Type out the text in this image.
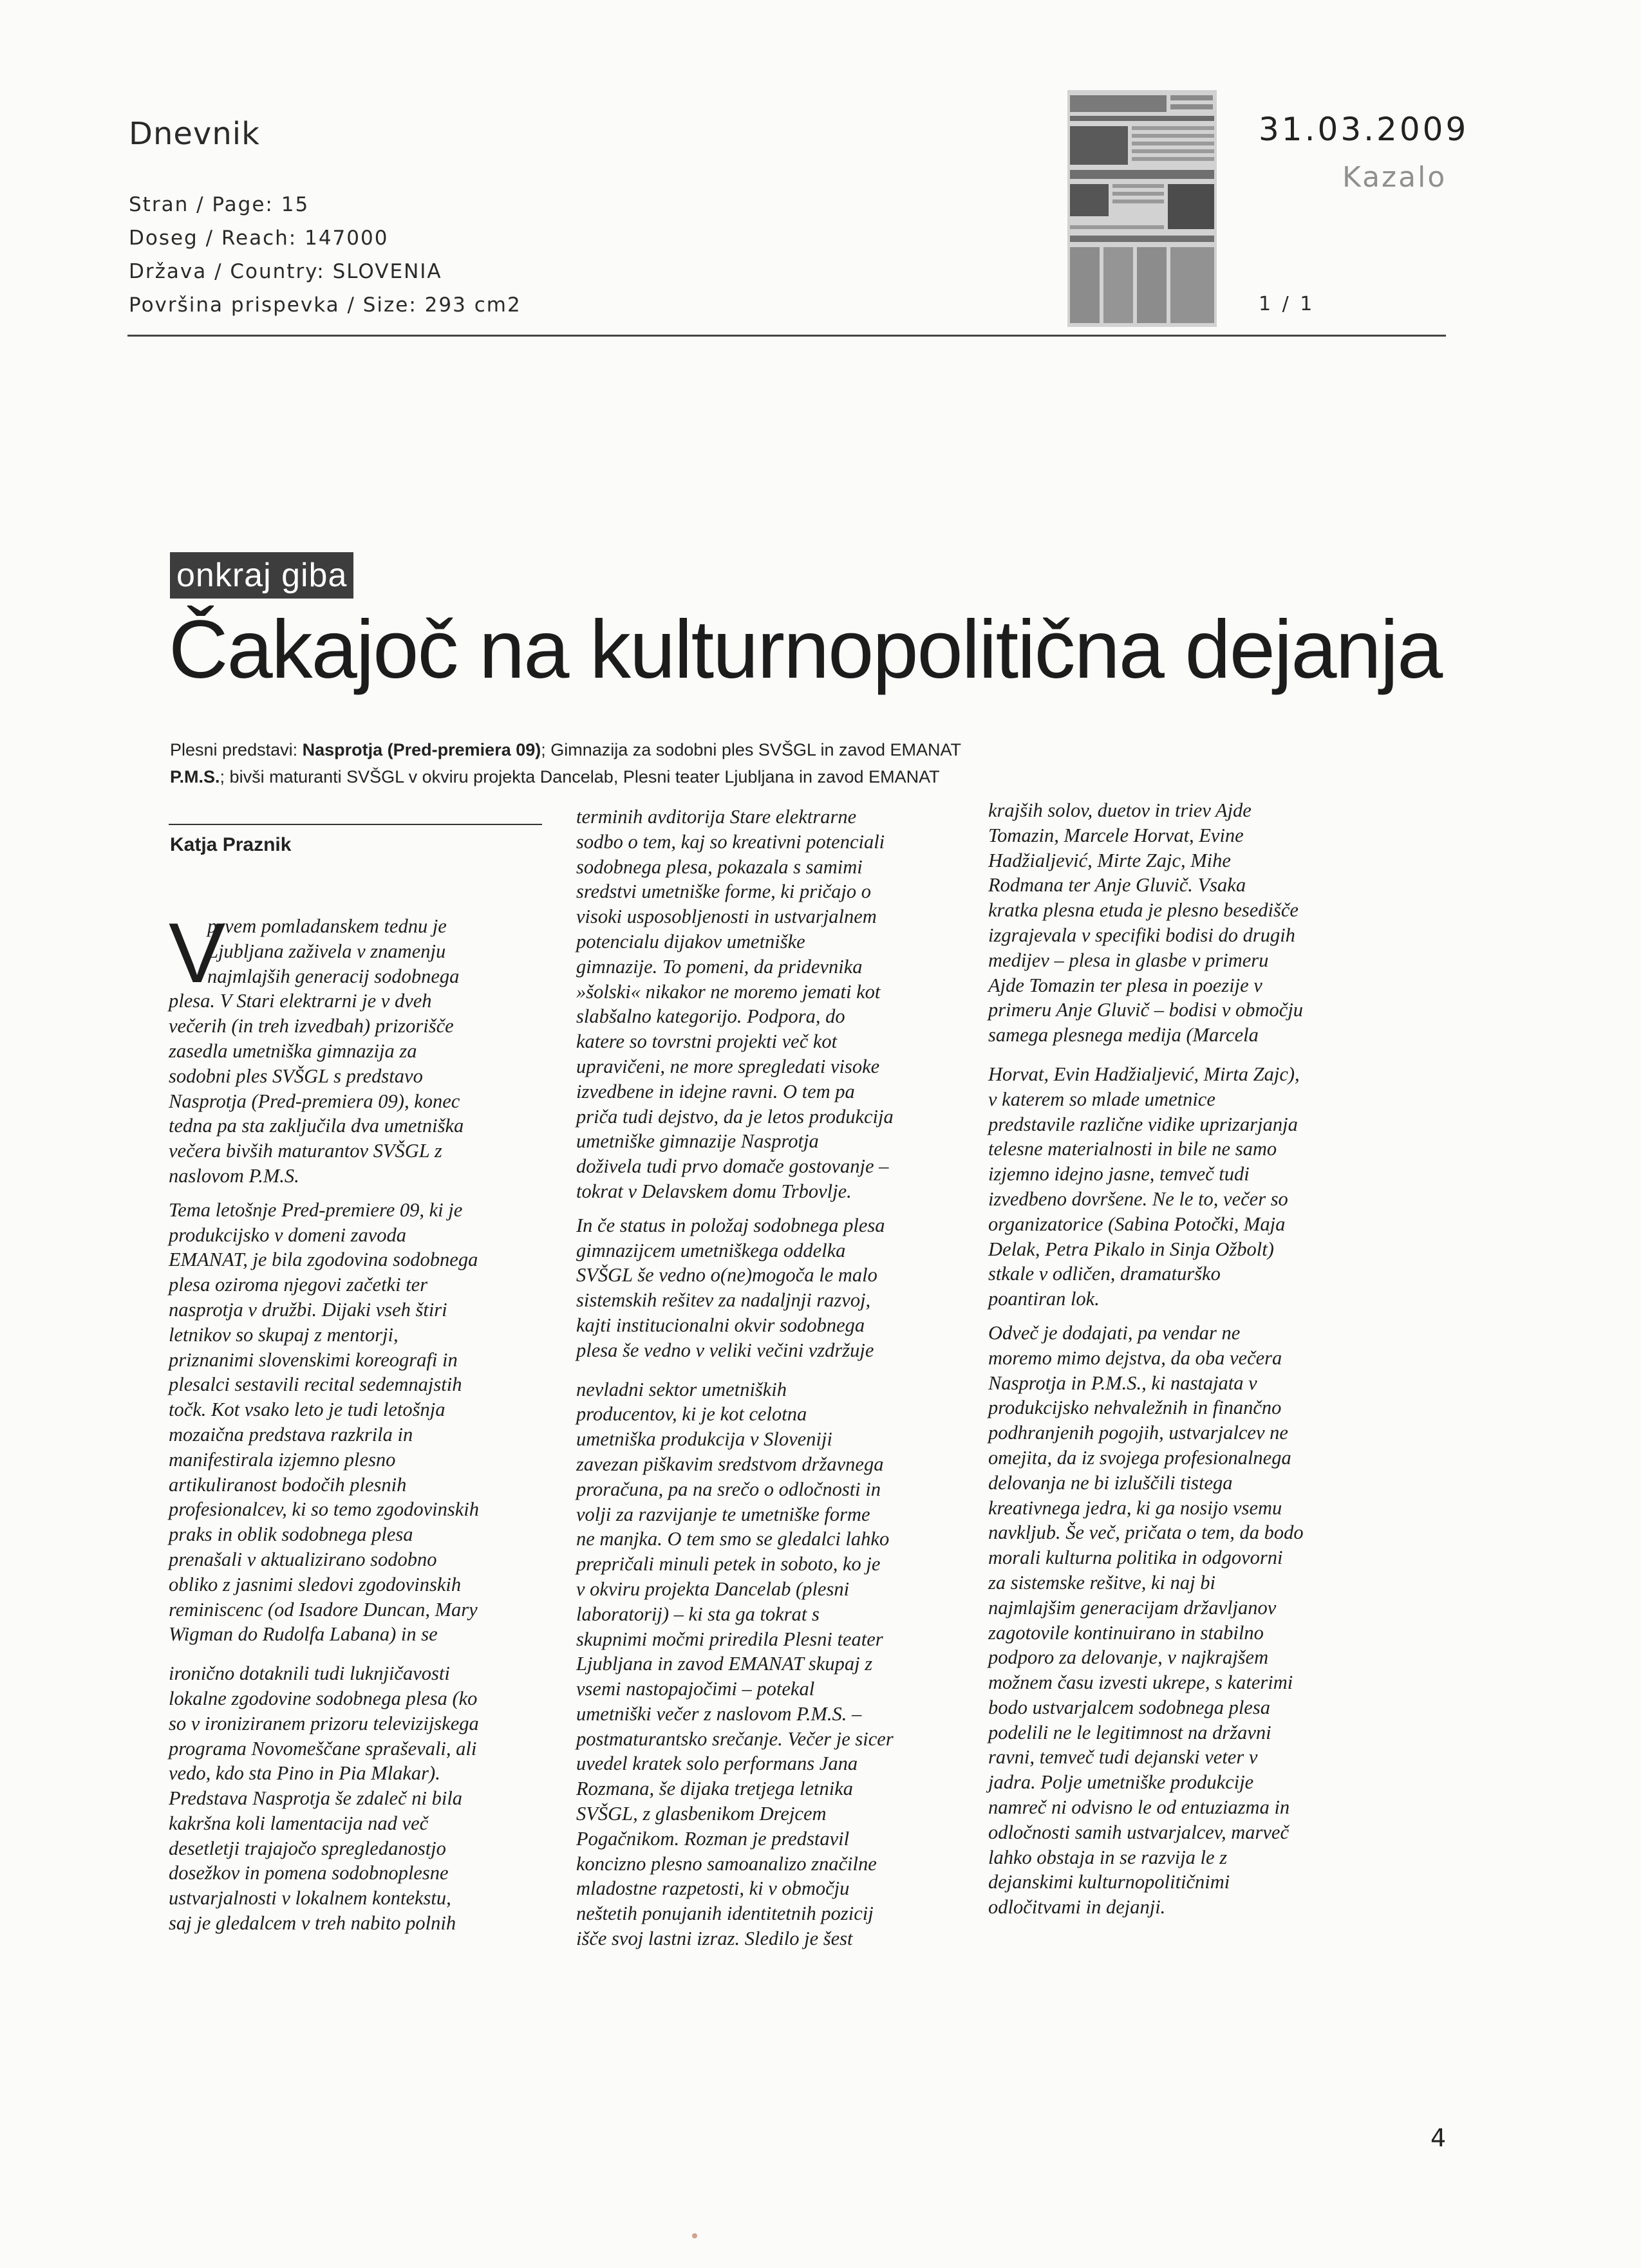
Dnevnik
Stran / Page: 15
Doseg / Reach: 147000
Država / Country: SLOVENIA
Površina prispevka / Size: 293 cm2
31.03.2009
Kazalo
1 / 1
onkraj giba
Čakajoč na kulturnopolitična dejanja
Plesni predstavi: Nasprotja (Pred-premiera 09); Gimnazija za sodobni ples SVŠGL in zavod EMANAT
P.M.S.; bivši maturanti SVŠGL v okviru projekta Dancelab, Plesni teater Ljubljana in zavod EMANAT
Katja Praznik
V

prvem pomladanskem tednu je

Ljubljana zaživela v znamenju

najmlajših generacij sodobnega

plesa. V Stari elektrarni je v dveh

večerih (in treh izvedbah) prizorišče

zasedla umetniška gimnazija za

sodobni ples SVŠGL s predstavo

Nasprotja (Pred-premiera 09), konec

tedna pa sta zaključila dva umetniška

večera bivših maturantov SVŠGL z

naslovom P.M.S.

Tema letošnje Pred-premiere 09, ki je

produkcijsko v domeni zavoda

EMANAT, je bila zgodovina sodobnega

plesa oziroma njegovi začetki ter

nasprotja v družbi. Dijaki vseh štiri

letnikov so skupaj z mentorji,

priznanimi slovenskimi koreografi in

plesalci sestavili recital sedemnajstih

točk. Kot vsako leto je tudi letošnja

mozaična predstava razkrila in

manifestirala izjemno plesno

artikuliranost bodočih plesnih

profesionalcev, ki so temo zgodovinskih

praks in oblik sodobnega plesa

prenašali v aktualizirano sodobno

obliko z jasnimi sledovi zgodovinskih

reminiscenc (od Isadore Duncan, Mary

Wigman do Rudolfa Labana) in se

ironično dotaknili tudi luknjičavosti

lokalne zgodovine sodobnega plesa (ko

so v ironiziranem prizoru televizijskega

programa Novomeščane spraševali, ali

vedo, kdo sta Pino in Pia Mlakar).

Predstava Nasprotja še zdaleč ni bila

kakršna koli lamentacija nad več

desetletji trajajočo spregledanostjo

dosežkov in pomena sodobnoplesne

ustvarjalnosti v lokalnem kontekstu,

saj je gledalcem v treh nabito polnih

terminih avditorija Stare elektrarne

sodbo o tem, kaj so kreativni potenciali

sodobnega plesa, pokazala s samimi

sredstvi umetniške forme, ki pričajo o

visoki usposobljenosti in ustvarjalnem

potencialu dijakov umetniške

gimnazije. To pomeni, da pridevnika

»šolski« nikakor ne moremo jemati kot

slabšalno kategorijo. Podpora, do

katere so tovrstni projekti več kot

upravičeni, ne more spregledati visoke

izvedbene in idejne ravni. O tem pa

priča tudi dejstvo, da je letos produkcija

umetniške gimnazije Nasprotja

doživela tudi prvo domače gostovanje –

tokrat v Delavskem domu Trbovlje.

In če status in položaj sodobnega plesa

gimnazijcem umetniškega oddelka

SVŠGL še vedno o(ne)mogoča le malo

sistemskih rešitev za nadaljnji razvoj,

kajti institucionalni okvir sodobnega

plesa še vedno v veliki večini vzdržuje

nevladni sektor umetniških

producentov, ki je kot celotna

umetniška produkcija v Sloveniji

zavezan piškavim sredstvom državnega

proračuna, pa na srečo o odločnosti in

volji za razvijanje te umetniške forme

ne manjka. O tem smo se gledalci lahko

prepričali minuli petek in soboto, ko je

v okviru projekta Dancelab (plesni

laboratorij) – ki sta ga tokrat s

skupnimi močmi priredila Plesni teater

Ljubljana in zavod EMANAT skupaj z

vsemi nastopajočimi – potekal

umetniški večer z naslovom P.M.S. –

postmaturantsko srečanje. Večer je sicer

uvedel kratek solo performans Jana

Rozmana, še dijaka tretjega letnika

SVŠGL, z glasbenikom Drejcem

Pogačnikom. Rozman je predstavil

koncizno plesno samoanalizo značilne

mladostne razpetosti, ki v območju

neštetih ponujanih identitetnih pozicij

išče svoj lastni izraz. Sledilo je šest

krajših solov, duetov in triev Ajde

Tomazin, Marcele Horvat, Evine

Hadžialjević, Mirte Zajc, Mihe

Rodmana ter Anje Gluvič. Vsaka

kratka plesna etuda je plesno besedišče

izgrajevala v specifiki bodisi do drugih

medijev – plesa in glasbe v primeru

Ajde Tomazin ter plesa in poezije v

primeru Anje Gluvič – bodisi v območju

samega plesnega medija (Marcela

Horvat, Evin Hadžialjević, Mirta Zajc),

v katerem so mlade umetnice

predstavile različne vidike uprizarjanja

telesne materialnosti in bile ne samo

izjemno idejno jasne, temveč tudi

izvedbeno dovršene. Ne le to, večer so

organizatorice (Sabina Potočki, Maja

Delak, Petra Pikalo in Sinja Ožbolt)

stkale v odličen, dramaturško

poantiran lok.

Odveč je dodajati, pa vendar ne

moremo mimo dejstva, da oba večera

Nasprotja in P.M.S., ki nastajata v

produkcijsko nehvaležnih in finančno

podhranjenih pogojih, ustvarjalcev ne

omejita, da iz svojega profesionalnega

delovanja ne bi izluščili tistega

kreativnega jedra, ki ga nosijo vsemu

navkljub. Še več, pričata o tem, da bodo

morali kulturna politika in odgovorni

za sistemske rešitve, ki naj bi

najmlajšim generacijam državljanov

zagotovile kontinuirano in stabilno

podporo za delovanje, v najkrajšem

možnem času izvesti ukrepe, s katerimi

bodo ustvarjalcem sodobnega plesa

podelili ne le legitimnost na državni

ravni, temveč tudi dejanski veter v

jadra. Polje umetniške produkcije

namreč ni odvisno le od entuziazma in

odločnosti samih ustvarjalcev, marveč

lahko obstaja in se razvija le z

dejanskimi kulturnopolitičnimi

odločitvami in dejanji.

4
